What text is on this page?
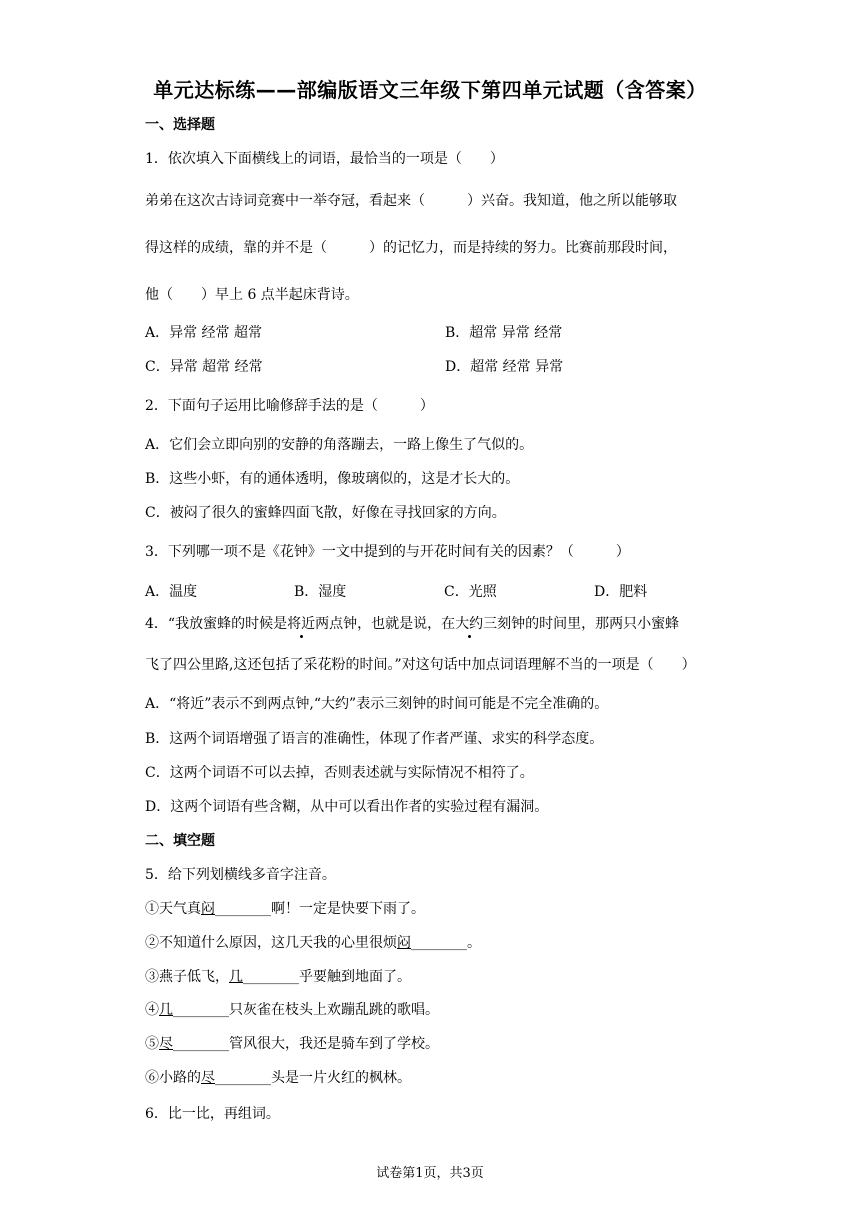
单元达标练——部编版语文三年级下第四单元试题（含答案）
一、选择题
1．依次填入下面横线上的词语，最恰当的一项是（　　）
弟弟在这次古诗词竞赛中一举夺冠，看起来（　　　）兴奋。我知道，他之所以能够取
得这样的成绩，靠的并不是（　　　）的记忆力，而是持续的努力。比赛前那段时间，
他（　　）早上 6 点半起床背诗。
A．异常 经常 超常	B．超常 异常 经常
C．异常 超常 经常	D．超常 经常 异常
2．下面句子运用比喻修辞手法的是（　　　）
A．它们会立即向别的安静的角落蹦去，一路上像生了气似的。
B．这些小虾，有的通体透明，像玻璃似的，这是才长大的。
C．被闷了很久的蜜蜂四面飞散，好像在寻找回家的方向。
3．下列哪一项不是《花钟》一文中提到的与开花时间有关的因素？（　　　）
A．温度	B．湿度	C．光照	D．肥料
4．“我放蜜蜂的时候是将近两点钟，也就是说，在大约三刻钟的时间里，那两只小蜜蜂
飞了四公里路,这还包括了采花粉的时间。”对这句话中加点词语理解不当的一项是（　　）
A．“将近”表示不到两点钟,“大约”表示三刻钟的时间可能是不完全准确的。
B．这两个词语增强了语言的准确性，体现了作者严谨、求实的科学态度。
C．这两个词语不可以去掉，否则表述就与实际情况不相符了。
D．这两个词语有些含糊，从中可以看出作者的实验过程有漏洞。
二、填空题
5．给下列划横线多音字注音。
①天气真闷________啊！一定是快要下雨了。
②不知道什么原因，这几天我的心里很烦闷________。
③燕子低飞，几________乎要触到地面了。
④几________只灰雀在枝头上欢蹦乱跳的歌唱。
⑤尽________管风很大，我还是骑车到了学校。
⑥小路的尽________头是一片火红的枫林。
6．比一比，再组词。
试卷第1页，共3页
